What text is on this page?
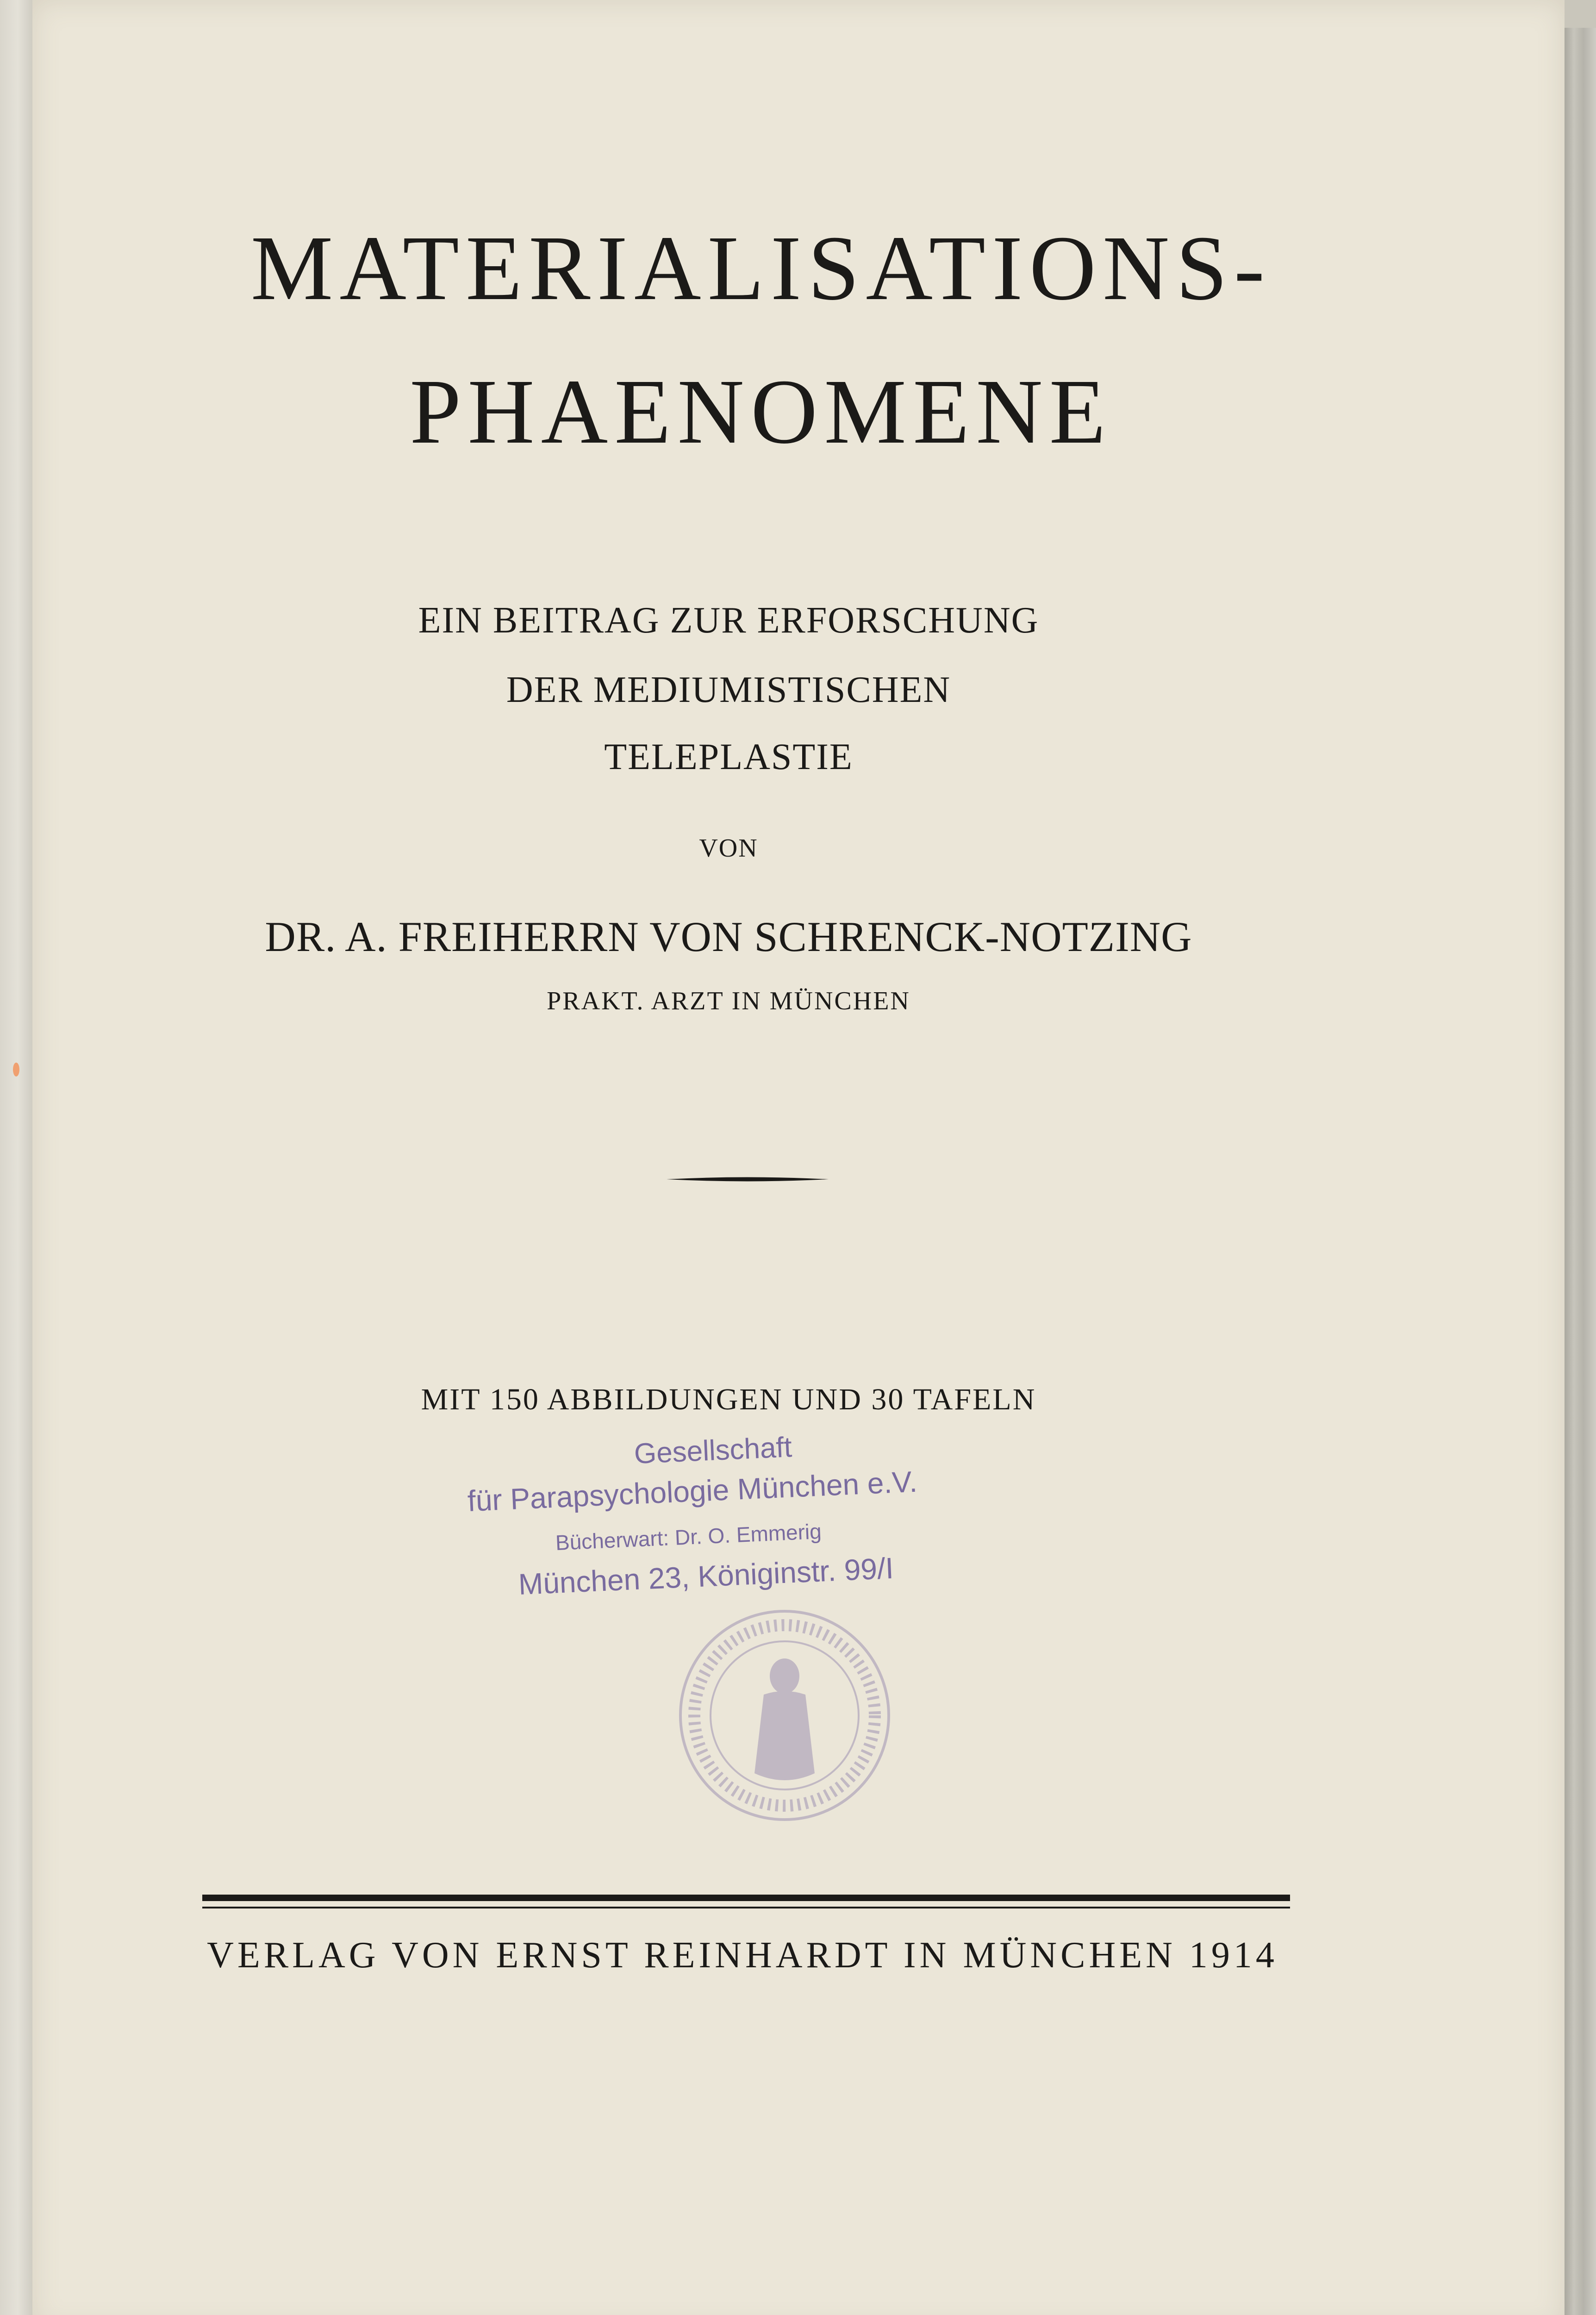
MATERIALISATIONS-
PHAENOMENE
EIN BEITRAG ZUR ERFORSCHUNG
DER MEDIUMISTISCHEN
TELEPLASTIE
VON
DR. A. FREIHERRN VON SCHRENCK-NOTZING
PRAKT. ARZT IN MÜNCHEN
MIT 150 ABBILDUNGEN UND 30 TAFELN
Gesellschaft
für Parapsychologie München e.V.
Bücherwart: Dr. O. Emmerig
München 23, Königinstr. 99/I
VERLAG VON ERNST REINHARDT IN MÜNCHEN 1914
